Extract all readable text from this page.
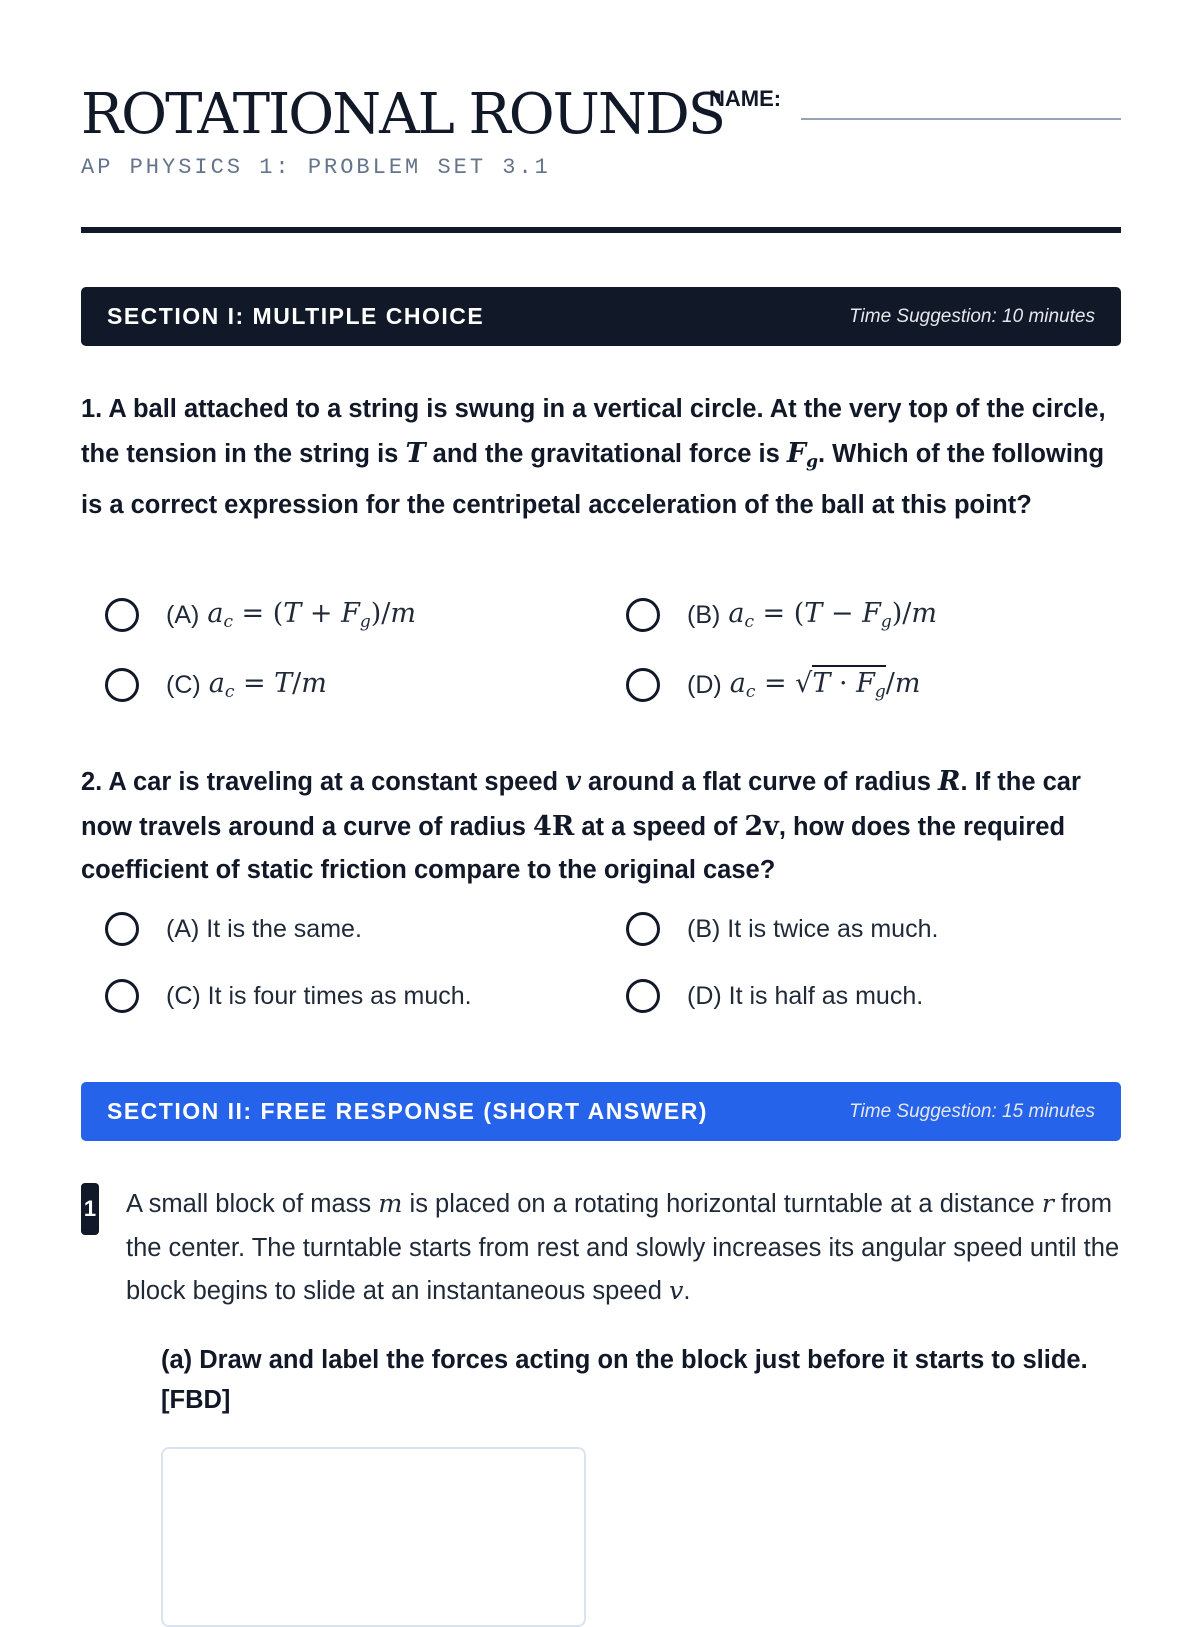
ROTATIONAL ROUNDS
NAME:
AP PHYSICS 1: PROBLEM SET 3.1
SECTION I: MULTIPLE CHOICE	Time Suggestion: 10 minutes
1. A ball attached to a string is swung in a vertical circle. At the very top of the circle, the tension in the string is T and the gravitational force is $F_g$. Which of the following is a correct expression for the centripetal acceleration of the ball at this point?
(A) $a_c = (T + F_g)/m$	(B) $a_c = (T - F_g)/m$
(C) $a_c = T/m$	(D) $a_c = √T \cdot F_g/m$
2. A car is traveling at a constant speed v around a flat curve of radius R. If the car now travels around a curve of radius 4R at a speed of 2v, how does the required coefficient of static friction compare to the original case?
(A) It is the same.	(B) It is twice as much.
(C) It is four times as much.	(D) It is half as much.
SECTION II: FREE RESPONSE (SHORT ANSWER)	Time Suggestion: 15 minutes
1 A small block of mass m is placed on a rotating horizontal turntable at a distance r from the center. The turntable starts from rest and slowly increases its angular speed until the block begins to slide at an instantaneous speed v.
(a) Draw and label the forces acting on the block just before it starts to slide. [FBD]
